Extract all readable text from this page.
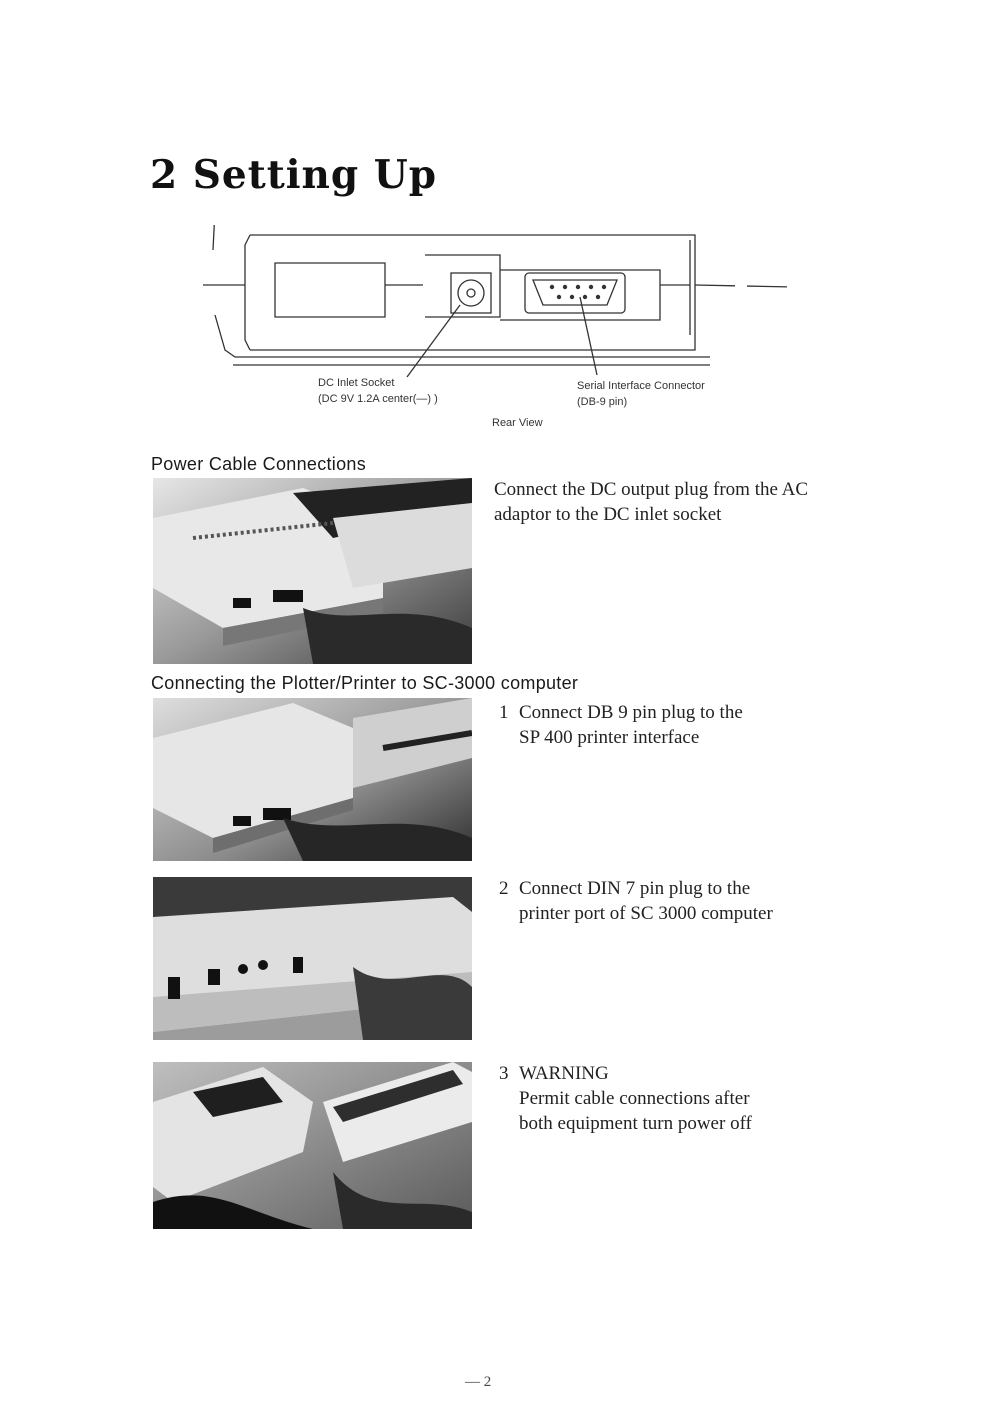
2 Setting Up
DC Inlet Socket
(DC 9V 1.2A center(—) )
Serial Interface Connector
(DB-9 pin)
Rear View
Power Cable Connections
Connect the DC output plug from the AC adaptor to the DC inlet socket
Connecting the Plotter/Printer to SC-3000 computer
1 Connect DB 9 pin plug to the
SP 400 printer interface
2 Connect DIN 7 pin plug to the
printer port of SC 3000 computer
3 WARNING
Permit cable connections after
both equipment turn power off
— 2
